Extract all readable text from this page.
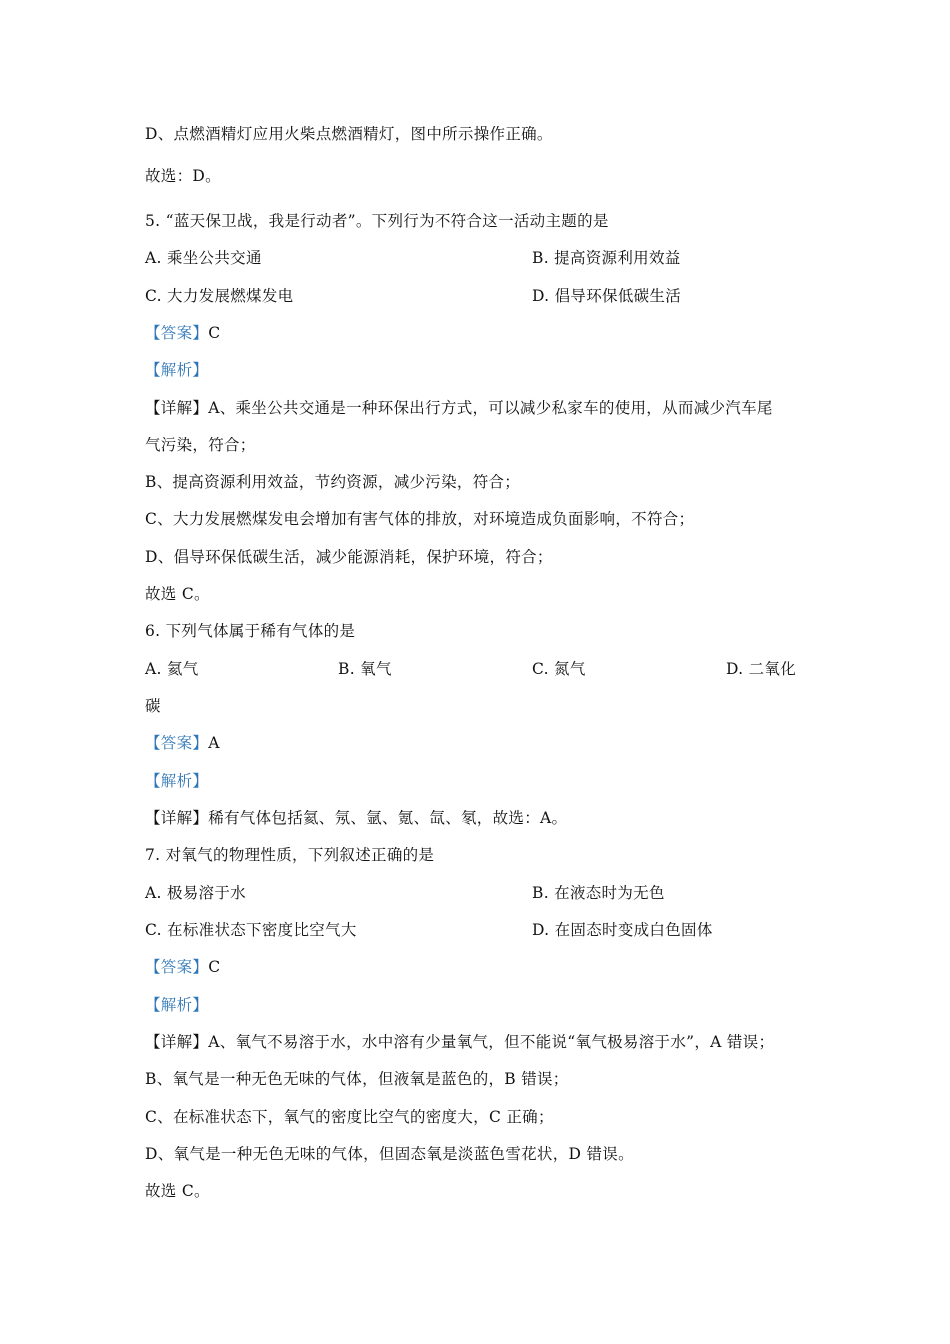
D、点燃酒精灯应用火柴点燃酒精灯，图中所示操作正确。
故选：D。
5. “蓝天保卫战，我是行动者”。下列行为不符合这一活动主题的是
A. 乘坐公共交通	B. 提高资源利用效益
C. 大力发展燃煤发电	D. 倡导环保低碳生活
【答案】C
【解析】
【详解】A、乘坐公共交通是一种环保出行方式，可以减少私家车的使用，从而减少汽车尾
气污染，符合；
B、提高资源利用效益，节约资源，减少污染，符合；
C、大力发展燃煤发电会增加有害气体的排放，对环境造成负面影响，不符合；
D、倡导环保低碳生活，减少能源消耗，保护环境，符合；
故选 C。
6. 下列气体属于稀有气体的是
A. 氦气	B. 氧气	C. 氮气	D. 二氧化
碳
【答案】A
【解析】
【详解】稀有气体包括氦、氖、氩、氪、氙、氡，故选：A。
7. 对氧气的物理性质，下列叙述正确的是
A. 极易溶于水	B. 在液态时为无色
C. 在标准状态下密度比空气大	D. 在固态时变成白色固体
【答案】C
【解析】
【详解】A、氧气不易溶于水，水中溶有少量氧气，但不能说“氧气极易溶于水”，A 错误；
B、氧气是一种无色无味的气体，但液氧是蓝色的，B 错误；
C、在标准状态下，氧气的密度比空气的密度大，C 正确；
D、氧气是一种无色无味的气体，但固态氧是淡蓝色雪花状，D 错误。
故选 C。
